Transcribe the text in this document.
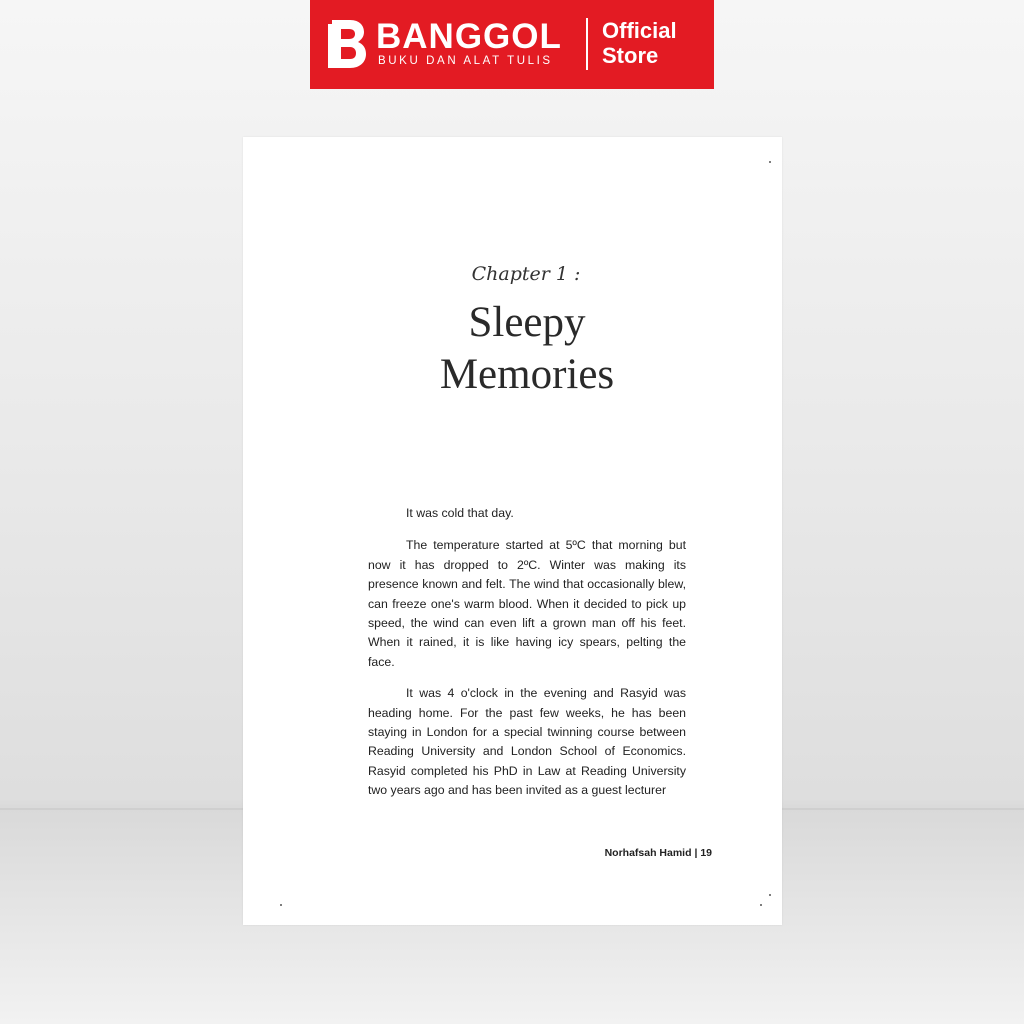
BANGGOL
BUKU DAN ALAT TULIS
Official
Store
Chapter 1 :
Sleepy
Memories

It was cold that day.

The temperature started at 5ºC that morning but now it has dropped to 2ºC. Winter was making its presence known and felt. The wind that occasionally blew, can freeze one's warm blood. When it decided to pick up speed, the wind can even lift a grown man off his feet. When it rained, it is like having icy spears, pelting the face.

It was 4 o'clock in the evening and Rasyid was heading home. For the past few weeks, he has been staying in London for a special twinning course between Reading University and London School of Economics. Rasyid completed his PhD in Law at Reading University two years ago and has been invited as a guest lecturer

Norhafsah Hamid | 19
